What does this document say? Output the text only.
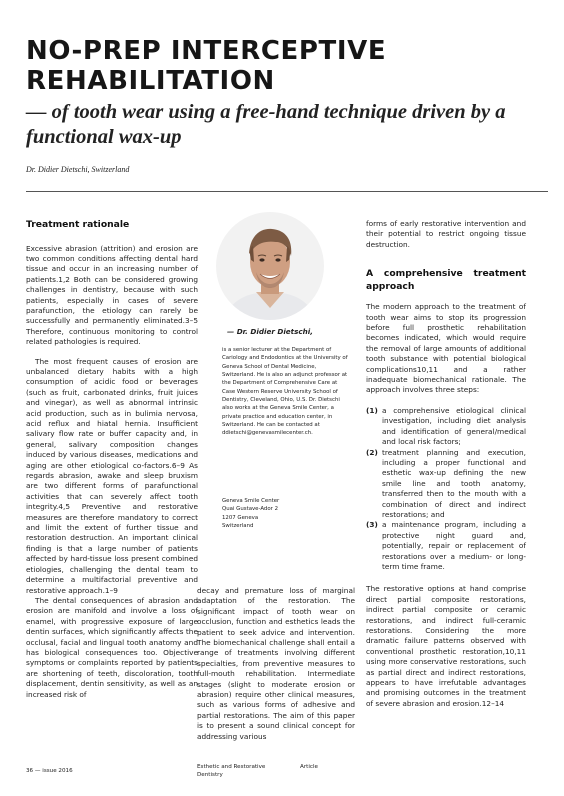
NO-PREP INTERCEPTIVE REHABILITATION
— of tooth wear using a free-hand technique driven by a functional wax-up
Dr. Didier Dietschi, Switzerland
Treatment rationale

Excessive abrasion (attrition) and erosion are two common conditions affecting dental hard tissue and occur in an increasing number of patients.1,2 Both can be considered growing challenges in dentistry, because with such patients, especially in cases of severe parafunction, the etiology can rarely be successfully and permanently eliminated.3–5 Therefore, continuous monitoring to control related pathologies is required.

The most frequent causes of erosion are unbalanced dietary habits with a high consumption of acidic food or beverages (such as fruit, carbonated drinks, fruit juices and vinegar), as well as abnormal intrinsic acid production, such as in bulimia nervosa, acid reflux and hiatal hernia. Insufficient salivary flow rate or buffer capacity and, in general, salivary composition changes induced by various diseases, medications and aging are other etiological co-factors.6–9 As regards abrasion, awake and sleep bruxism are two different forms of parafunctional activities that can severely affect tooth integrity.4,5 Preventive and restorative measures are therefore mandatory to correct and limit the extent of further tissue and restoration destruction. An important clinical finding is that a large number of patients affected by hard-tissue loss present combined etiologies, challenging the dental team to determine a multifactorial preventive and restorative approach.1–9

The dental consequences of abrasion and erosion are manifold and involve a loss of enamel, with progressive exposure of large dentin surfaces, which significantly affects the occlusal, facial and lingual tooth anatomy and has biological consequences too. Objective symptoms or complaints reported by patients are shortening of teeth, discoloration, tooth displacement, dentin sensitivity, as well as an increased risk of

— Dr. Didier Dietschi,
is a senior lecturer at the Department of Cariology and Endodontics at the University of Geneva School of Dental Medicine, Switzerland. He is also an adjunct professor at the Department of Comprehensive Care at Case Western Reserve University School of Dentistry, Cleveland, Ohio, U.S. Dr. Dietschi also works at the Geneva Smile Center, a private practice and education center, in Switzerland. He can be contacted at ddietschi@genevasmilecenter.ch.
Geneva Smile Center
Quai Gustave-Ador 2
1207 Geneva
Switzerland

decay and premature loss of marginal adaptation of the restoration. The significant impact of tooth wear on occlusion, function and esthetics leads the patient to seek advice and intervention. The biomechanical challenge shall entail a range of treatments involving different specialties, from preventive measures to full-mouth rehabilitation. Intermediate stages (slight to moderate erosion or abrasion) require other clinical measures, such as various forms of adhesive and partial restorations. The aim of this paper is to present a sound clinical concept for addressing various

forms of early restorative intervention and their potential to restrict ongoing tissue destruction.

A comprehensive treatment approach

The modern approach to the treatment of tooth wear aims to stop its progression before full prosthetic rehabilitation becomes indicated, which would require the removal of large amounts of additional tooth substance with potential biological complications10,11 and a rather inadequate biomechanical rationale. The approach involves three steps:

(1) a comprehensive etiological clinical investigation, including diet analysis and identification of general/medical and local risk factors;
(2) treatment planning and execution, including a proper functional and esthetic wax-up defining the new smile line and tooth anatomy, transferred then to the mouth with a combination of direct and indirect restorations; and
(3) a maintenance program, including a protective night guard and, potentially, repair or replacement of restorations over a medium- or long-term time frame.

The restorative options at hand comprise direct partial composite restorations, indirect partial composite or ceramic restorations, and indirect full-ceramic restorations. Considering the more dramatic failure patterns observed with conventional prosthetic restoration,10,11 using more conservative restorations, such as partial direct and indirect restorations, appears to have irrefutable advantages and promising outcomes in the treatment of severe abrasion and erosion.12–14

36 — issue 2016
Esthetic and Restorative Dentistry
Article
